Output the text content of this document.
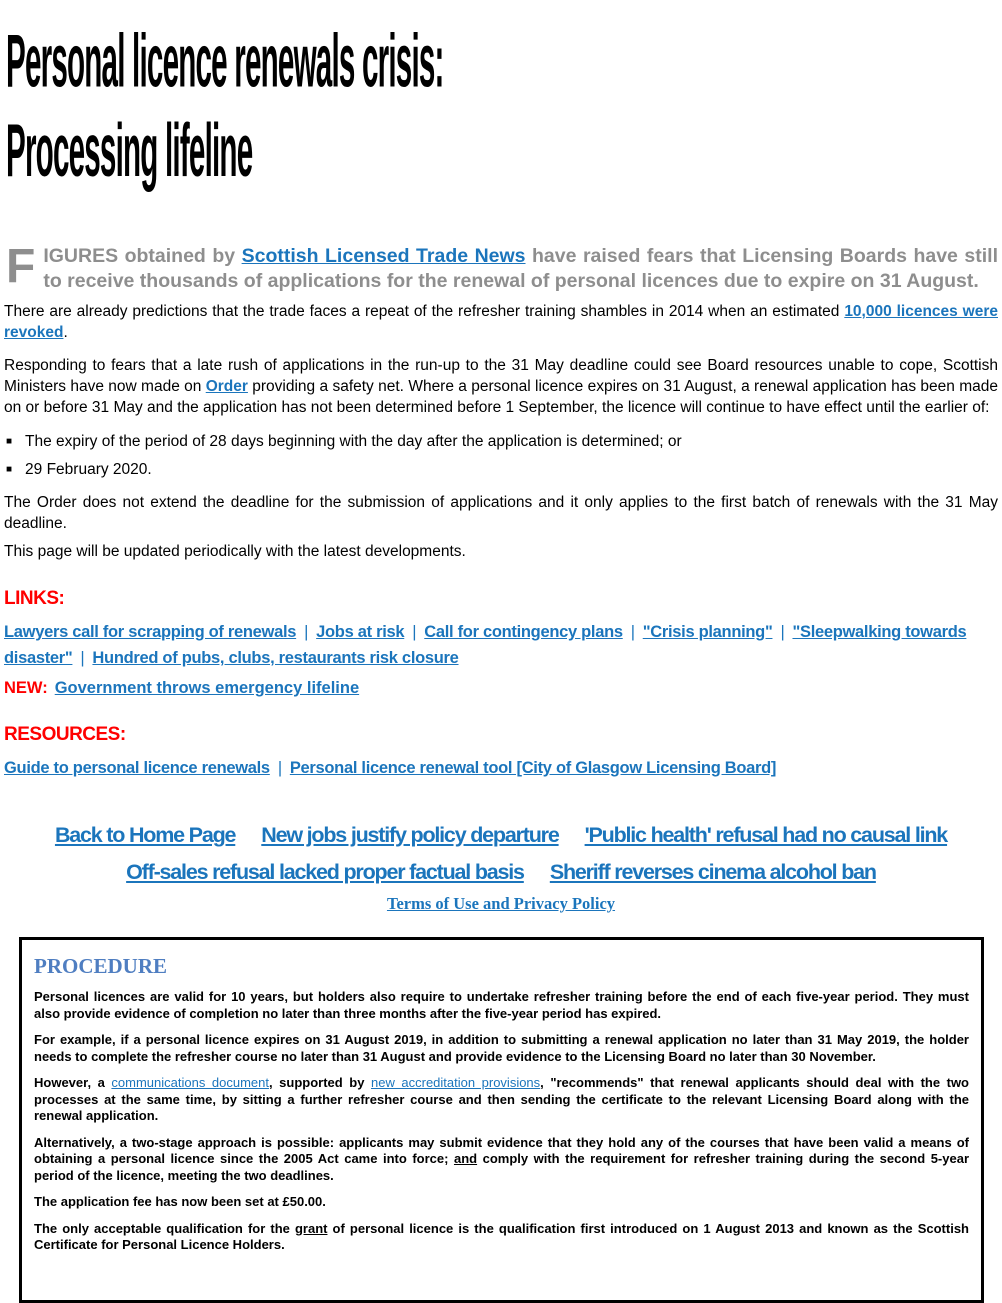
Personal licence renewals crisis:
Processing lifeline

FIGURES obtained by Scottish Licensed Trade News have raised fears that Licensing Boards have still to receive thousands of applications for the renewal of personal licences due to expire on 31 August.

There are already predictions that the trade faces a repeat of the refresher training shambles in 2014 when an estimated 10,000 licences were revoked.

Responding to fears that a late rush of applications in the run-up to the 31 May deadline could see Board resources unable to cope, Scottish Ministers have now made on Order providing a safety net. Where a personal licence expires on 31 August, a renewal application has been made on or before 31 May and the application has not been determined before 1 September, the licence will continue to have effect until the earlier of:

■ The expiry of the period of 28 days beginning with the day after the application is determined; or
■ 29 February 2020.

The Order does not extend the deadline for the submission of applications and it only applies to the first batch of renewals with the 31 May deadline.

This page will be updated periodically with the latest developments.

LINKS:

Lawyers call for scrapping of renewals | Jobs at risk | Call for contingency plans | "Crisis planning" | "Sleepwalking towards disaster" | Hundred of pubs, clubs, restaurants risk closure

NEW: Government throws emergency lifeline

RESOURCES:

Guide to personal licence renewals | Personal licence renewal tool [City of Glasgow Licensing Board]

Back to Home Page New jobs justify policy departure 'Public health' refusal had no causal link
Off-sales refusal lacked proper factual basis Sheriff reverses cinema alcohol ban

Terms of Use and Privacy Policy

PROCEDURE

Personal licences are valid for 10 years, but holders also require to undertake refresher training before the end of each five-year period. They must also provide evidence of completion no later than three months after the five-year period has expired.

For example, if a personal licence expires on 31 August 2019, in addition to submitting a renewal application no later than 31 May 2019, the holder needs to complete the refresher course no later than 31 August and provide evidence to the Licensing Board no later than 30 November.

However, a communications document, supported by new accreditation provisions, "recommends" that renewal applicants should deal with the two processes at the same time, by sitting a further refresher course and then sending the certificate to the relevant Licensing Board along with the renewal application.

Alternatively, a two-stage approach is possible: applicants may submit evidence that they hold any of the courses that have been valid a means of obtaining a personal licence since the 2005 Act came into force; and comply with the requirement for refresher training during the second 5-year period of the licence, meeting the two deadlines.

The application fee has now been set at £50.00.

The only acceptable qualification for the grant of personal licence is the qualification first introduced on 1 August 2013 and known as the Scottish Certificate for Personal Licence Holders.
